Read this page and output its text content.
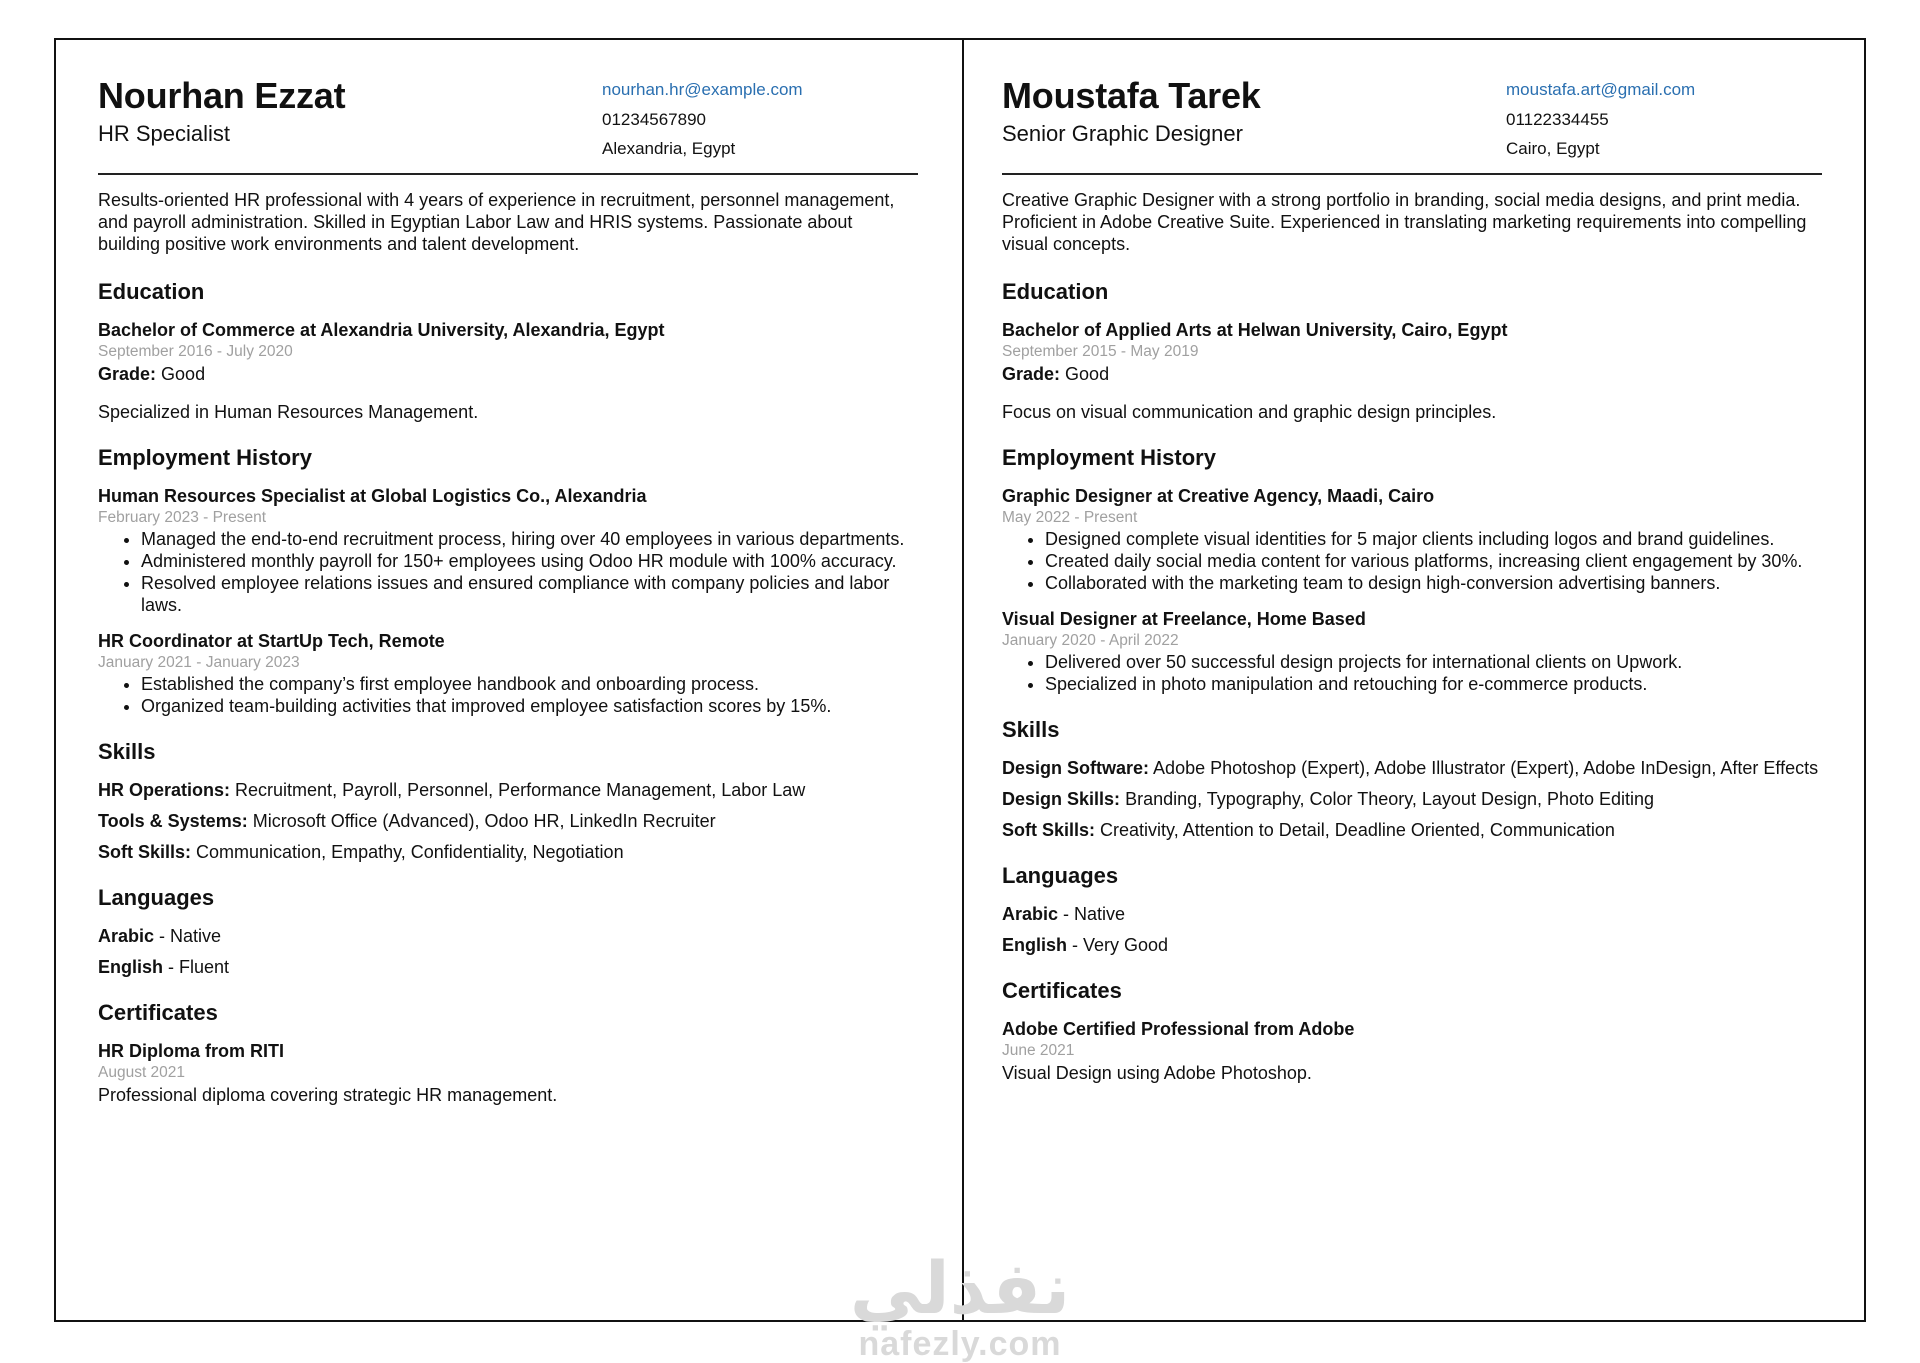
Nourhan Ezzat
HR Specialist
nourhan.hr@example.com
01234567890
Alexandria, Egypt

Results-oriented HR professional with 4 years of experience in recruitment, personnel management, and payroll administration. Skilled in Egyptian Labor Law and HRIS systems. Passionate about building positive work environments and talent development.

Education
Bachelor of Commerce at Alexandria University, Alexandria, Egypt
September 2016 - July 2020
Grade: Good
Specialized in Human Resources Management.
Employment History
Human Resources Specialist at Global Logistics Co., Alexandria
February 2023 - Present
• Managed the end-to-end recruitment process, hiring over 40 employees in various departments.
• Administered monthly payroll for 150+ employees using Odoo HR module with 100% accuracy.
• Resolved employee relations issues and ensured compliance with company policies and labor laws.
HR Coordinator at StartUp Tech, Remote
January 2021 - January 2023
• Established the company’s first employee handbook and onboarding process.
• Organized team-building activities that improved employee satisfaction scores by 15%.
Skills
HR Operations: Recruitment, Payroll, Personnel, Performance Management, Labor Law
Tools & Systems: Microsoft Office (Advanced), Odoo HR, LinkedIn Recruiter
Soft Skills: Communication, Empathy, Confidentiality, Negotiation
Languages
Arabic - Native
English - Fluent
Certificates
HR Diploma from RITI
August 2021
Professional diploma covering strategic HR management.
Moustafa Tarek
Senior Graphic Designer
moustafa.art@gmail.com
01122334455
Cairo, Egypt

Creative Graphic Designer with a strong portfolio in branding, social media designs, and print media. Proficient in Adobe Creative Suite. Experienced in translating marketing requirements into compelling visual concepts.

Education
Bachelor of Applied Arts at Helwan University, Cairo, Egypt
September 2015 - May 2019
Grade: Good
Focus on visual communication and graphic design principles.
Employment History
Graphic Designer at Creative Agency, Maadi, Cairo
May 2022 - Present
• Designed complete visual identities for 5 major clients including logos and brand guidelines.
• Created daily social media content for various platforms, increasing client engagement by 30%.
• Collaborated with the marketing team to design high-conversion advertising banners.
Visual Designer at Freelance, Home Based
January 2020 - April 2022
• Delivered over 50 successful design projects for international clients on Upwork.
• Specialized in photo manipulation and retouching for e-commerce products.
Skills
Design Software: Adobe Photoshop (Expert), Adobe Illustrator (Expert), Adobe InDesign, After Effects
Design Skills: Branding, Typography, Color Theory, Layout Design, Photo Editing
Soft Skills: Creativity, Attention to Detail, Deadline Oriented, Communication
Languages
Arabic - Native
English - Very Good
Certificates
Adobe Certified Professional from Adobe
June 2021
Visual Design using Adobe Photoshop.
نفذلي
nafezly.com
